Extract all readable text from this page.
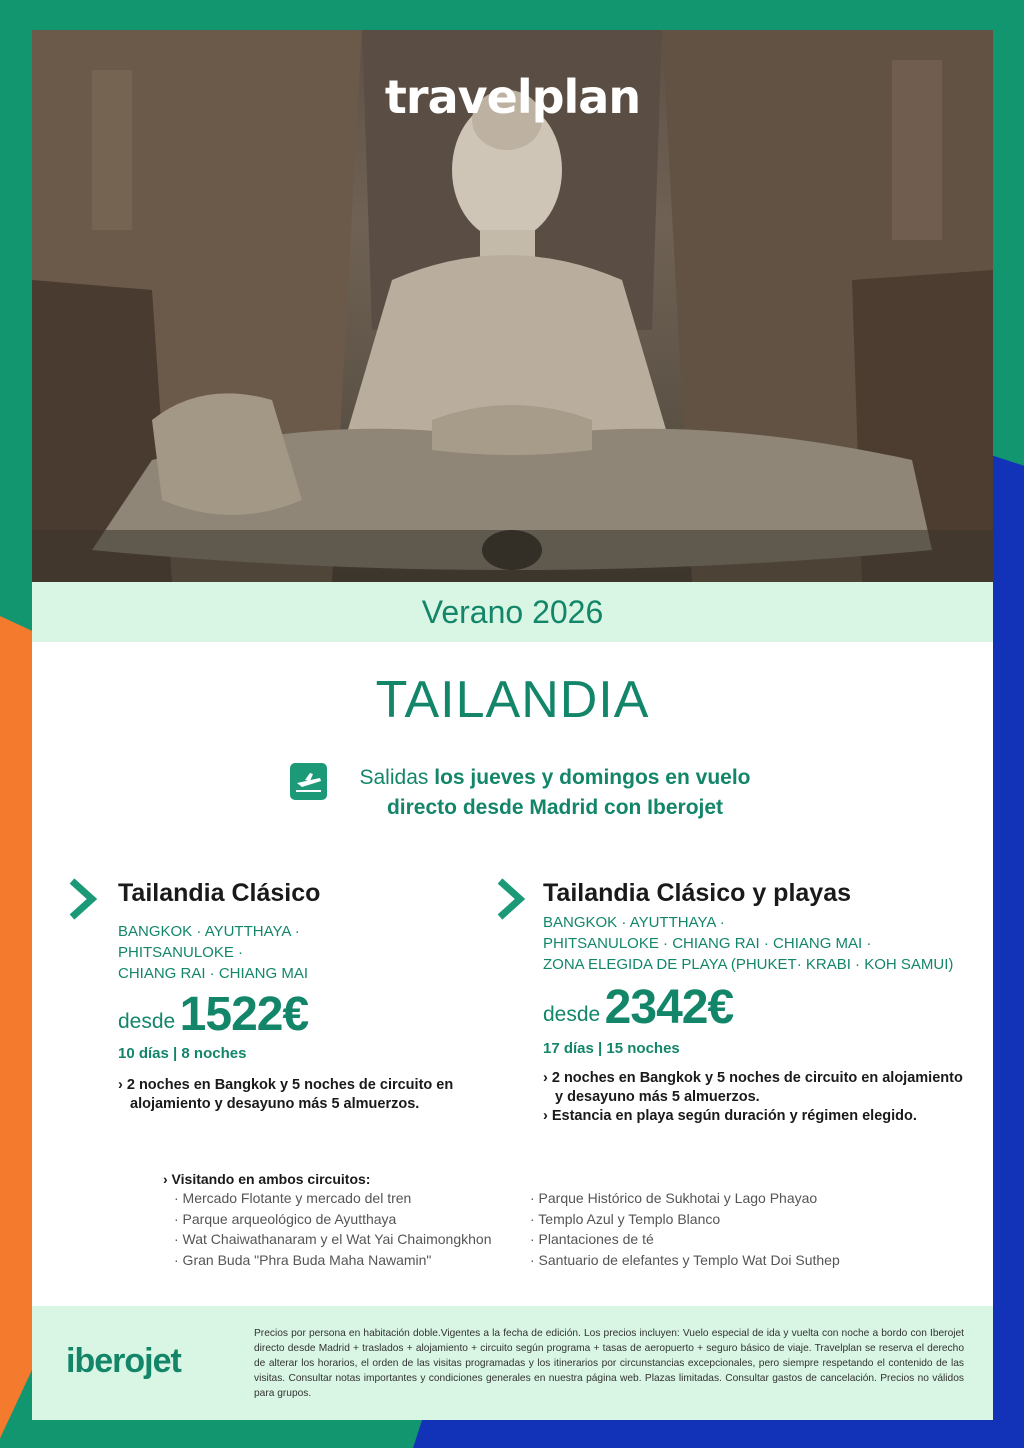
travelplan
Verano 2026
TAILANDIA
Salidas los jueves y domingos en vuelo
directo desde Madrid con Iberojet
Tailandia Clásico
BANGKOK · AYUTTHAYA ·
PHITSANULOKE ·
CHIANG RAI · CHIANG MAI
desde 1522€
10 días | 8 noches
› 2 noches en Bangkok y 5 noches de circuito en alojamiento y desayuno más 5 almuerzos.
Tailandia Clásico y playas
BANGKOK · AYUTTHAYA ·
PHITSANULOKE · CHIANG RAI · CHIANG MAI ·
ZONA ELEGIDA DE PLAYA (PHUKET· KRABI · KOH SAMUI)
desde 2342€
17 días | 15 noches
› 2 noches en Bangkok y 5 noches de circuito en alojamiento y desayuno más 5 almuerzos.
› Estancia en playa según duración y régimen elegido.
› Visitando en ambos circuitos:
· Mercado Flotante y mercado del tren
· Parque arqueológico de Ayutthaya
· Wat Chaiwathanaram y el Wat Yai Chaimongkhon
· Gran Buda "Phra Buda Maha Nawamin"
· Parque Histórico de Sukhotai y Lago Phayao
· Templo Azul y Templo Blanco
· Plantaciones de té
· Santuario de elefantes y Templo Wat Doi Suthep
iberojet
Precios por persona en habitación doble.Vigentes a la fecha de edición. Los precios incluyen: Vuelo especial de ida y vuelta con noche a bordo con Iberojet directo desde Madrid + traslados + alojamiento + circuito según programa + tasas de aeropuerto + seguro básico de viaje. Travelplan se reserva el derecho de alterar los horarios, el orden de las visitas programadas y los itinerarios por circunstancias excepcionales, pero siempre respetando el contenido de las visitas. Consultar notas importantes y condiciones generales en nuestra página web. Plazas limitadas. Consultar gastos de cancelación. Precios no válidos para grupos.
